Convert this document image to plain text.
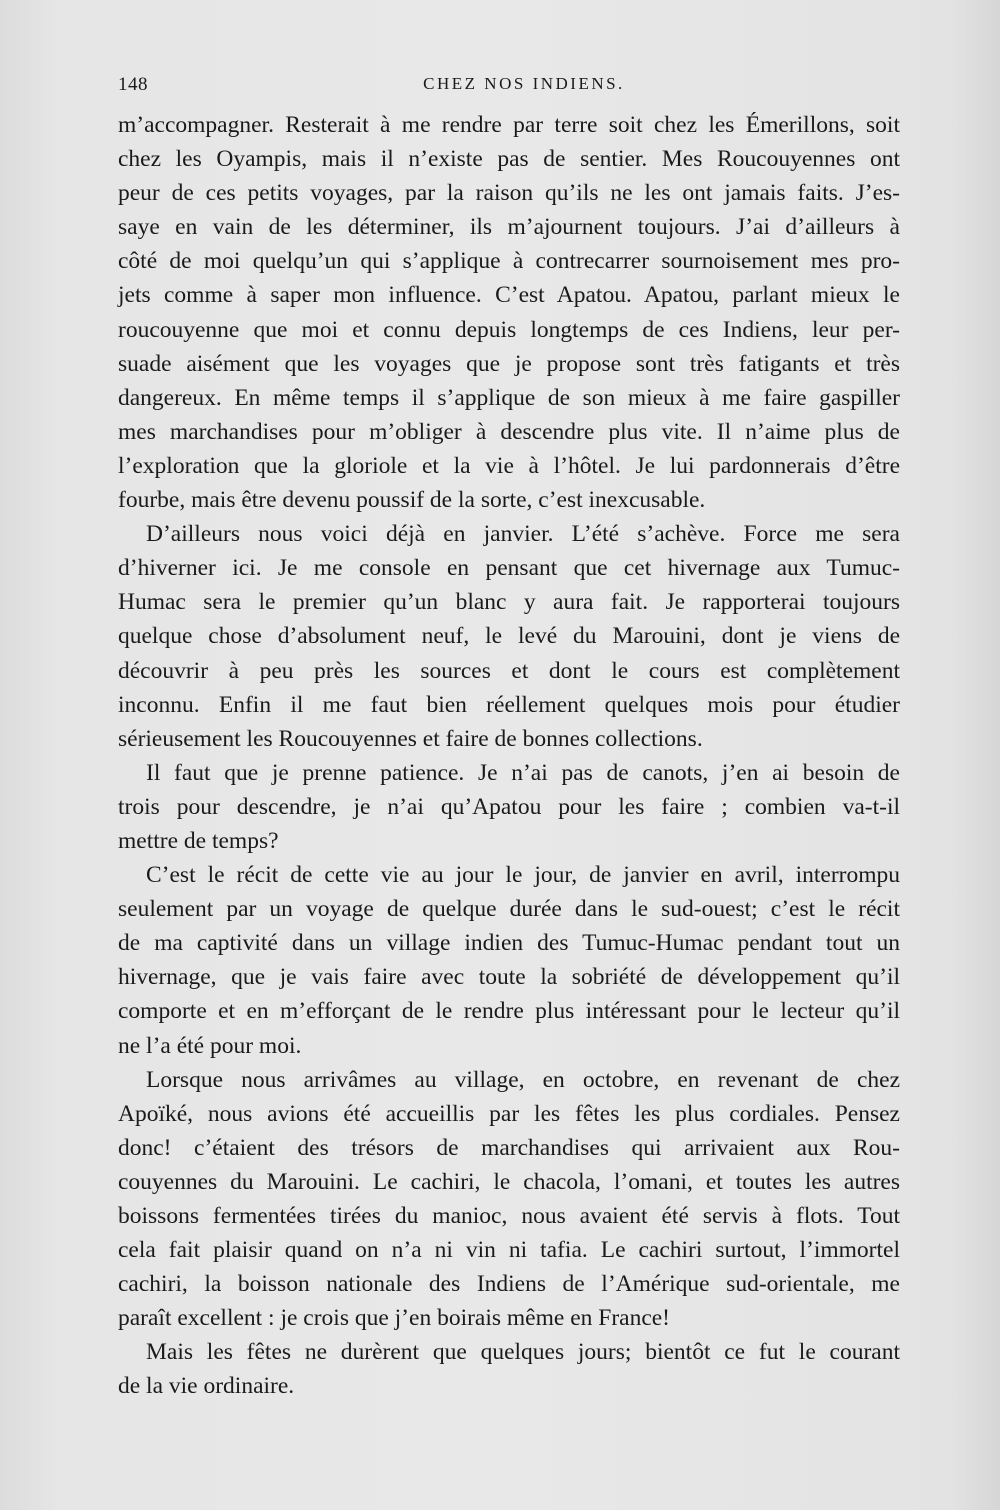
148	CHEZ NOS INDIENS.
m’accompagner. Resterait à me rendre par terre soit chez les Émerillons, soit
chez les Oyampis, mais il n’existe pas de sentier. Mes Roucouyennes ont
peur de ces petits voyages, par la raison qu’ils ne les ont jamais faits. J’es-
saye en vain de les déterminer, ils m’ajournent toujours. J’ai d’ailleurs à
côté de moi quelqu’un qui s’applique à contrecarrer sournoisement mes pro-
jets comme à saper mon influence. C’est Apatou. Apatou, parlant mieux le
roucouyenne que moi et connu depuis longtemps de ces Indiens, leur per-
suade aisément que les voyages que je propose sont très fatigants et très
dangereux. En même temps il s’applique de son mieux à me faire gaspiller
mes marchandises pour m’obliger à descendre plus vite. Il n’aime plus de
l’exploration que la gloriole et la vie à l’hôtel. Je lui pardonnerais d’être
fourbe, mais être devenu poussif de la sorte, c’est inexcusable.
D’ailleurs nous voici déjà en janvier. L’été s’achève. Force me sera
d’hiverner ici. Je me console en pensant que cet hivernage aux Tumuc-
Humac sera le premier qu’un blanc y aura fait. Je rapporterai toujours
quelque chose d’absolument neuf, le levé du Marouini, dont je viens de
découvrir à peu près les sources et dont le cours est complètement
inconnu. Enfin il me faut bien réellement quelques mois pour étudier
sérieusement les Roucouyennes et faire de bonnes collections.
Il faut que je prenne patience. Je n’ai pas de canots, j’en ai besoin de
trois pour descendre, je n’ai qu’Apatou pour les faire ; combien va-t-il
mettre de temps?
C’est le récit de cette vie au jour le jour, de janvier en avril, interrompu
seulement par un voyage de quelque durée dans le sud-ouest; c’est le récit
de ma captivité dans un village indien des Tumuc-Humac pendant tout un
hivernage, que je vais faire avec toute la sobriété de développement qu’il
comporte et en m’efforçant de le rendre plus intéressant pour le lecteur qu’il
ne l’a été pour moi.
Lorsque nous arrivâmes au village, en octobre, en revenant de chez
Apoïké, nous avions été accueillis par les fêtes les plus cordiales. Pensez
donc! c’étaient des trésors de marchandises qui arrivaient aux Rou-
couyennes du Marouini. Le cachiri, le chacola, l’omani, et toutes les autres
boissons fermentées tirées du manioc, nous avaient été servis à flots. Tout
cela fait plaisir quand on n’a ni vin ni tafia. Le cachiri surtout, l’immortel
cachiri, la boisson nationale des Indiens de l’Amérique sud-orientale, me
paraît excellent : je crois que j’en boirais même en France!
Mais les fêtes ne durèrent que quelques jours; bientôt ce fut le courant
de la vie ordinaire.
